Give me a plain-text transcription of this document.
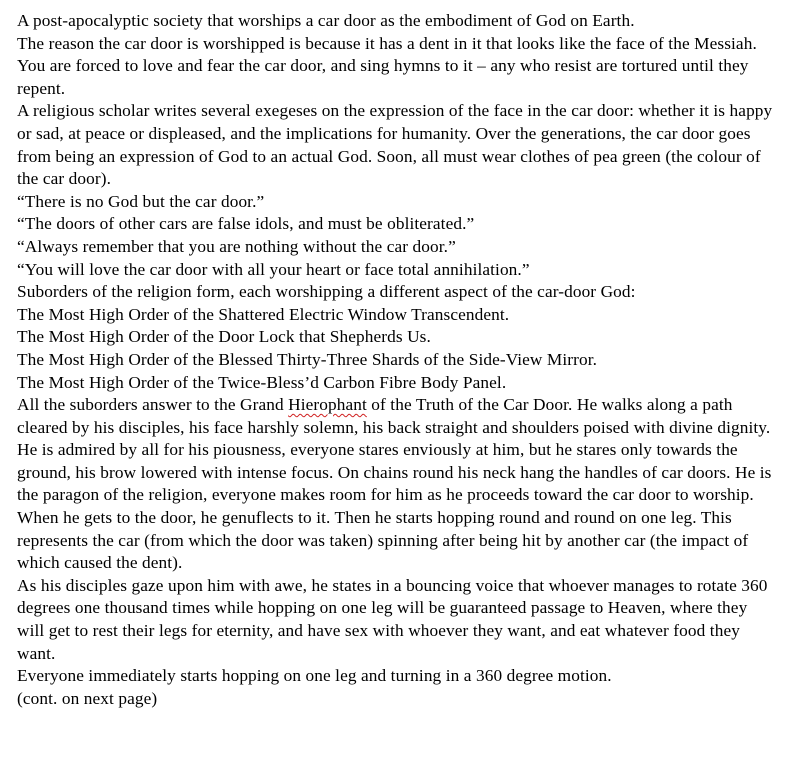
A post-apocalyptic society that worships a car door as the embodiment of God on Earth.

The reason the car door is worshipped is because it has a dent in it that looks like the face of the Messiah.

You are forced to love and fear the car door, and sing hymns to it – any who resist are tortured until they repent.

A religious scholar writes several exegeses on the expression of the face in the car door: whether it is happy or sad, at peace or displeased, and the implications for humanity. Over the generations, the car door goes from being an expression of God to an actual God. Soon, all must wear clothes of pea green (the colour of the car door).

“There is no God but the car door.”

“The doors of other cars are false idols, and must be obliterated.”

“Always remember that you are nothing without the car door.”

“You will love the car door with all your heart or face total annihilation.”

Suborders of the religion form, each worshipping a different aspect of the car-door God:

The Most High Order of the Shattered Electric Window Transcendent.

The Most High Order of the Door Lock that Shepherds Us.

The Most High Order of the Blessed Thirty-Three Shards of the Side-View Mirror.

The Most High Order of the Twice-Bless’d Carbon Fibre Body Panel.

All the suborders answer to the Grand Hierophant of the Truth of the Car Door. He walks along a path cleared by his disciples, his face harshly solemn, his back straight and shoulders poised with divine dignity. He is admired by all for his piousness, everyone stares enviously at him, but he stares only towards the ground, his brow lowered with intense focus. On chains round his neck hang the handles of car doors. He is the paragon of the religion, everyone makes room for him as he proceeds toward the car door to worship.

When he gets to the door, he genuflects to it. Then he starts hopping round and round on one leg. This represents the car (from which the door was taken) spinning after being hit by another car (the impact of which caused the dent).

As his disciples gaze upon him with awe, he states in a bouncing voice that whoever manages to rotate 360 degrees one thousand times while hopping on one leg will be guaranteed passage to Heaven, where they will get to rest their legs for eternity, and have sex with whoever they want, and eat whatever food they want.

Everyone immediately starts hopping on one leg and turning in a 360 degree motion.

(cont. on next page)
